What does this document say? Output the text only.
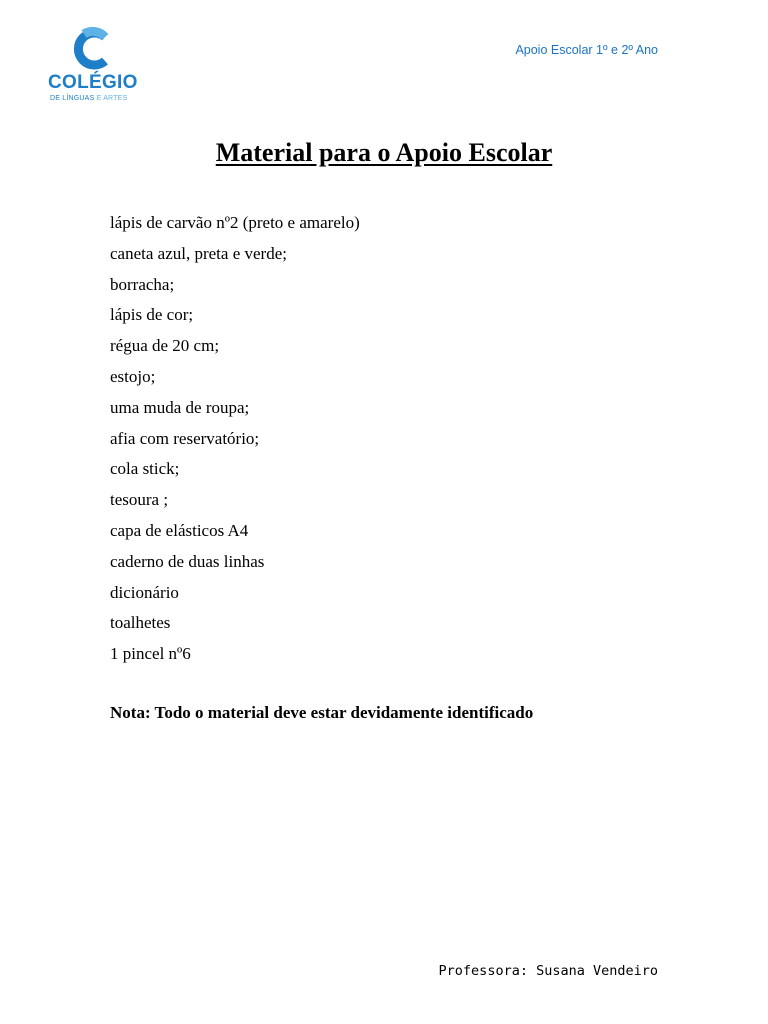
COLÉGIO
DE LÍNGUAS E ARTES
Apoio Escolar 1º e 2º Ano
Material para o Apoio Escolar
lápis de carvão nº2 (preto e amarelo)
caneta azul, preta e verde;
borracha;
lápis de cor;
régua de 20 cm;
estojo;
uma muda de roupa;
afia com reservatório;
cola stick;
tesoura ;
capa de elásticos A4
caderno de duas linhas
dicionário
toalhetes
1 pincel nº6
Nota: Todo o material deve estar devidamente identificado
Professora: Susana Vendeiro
